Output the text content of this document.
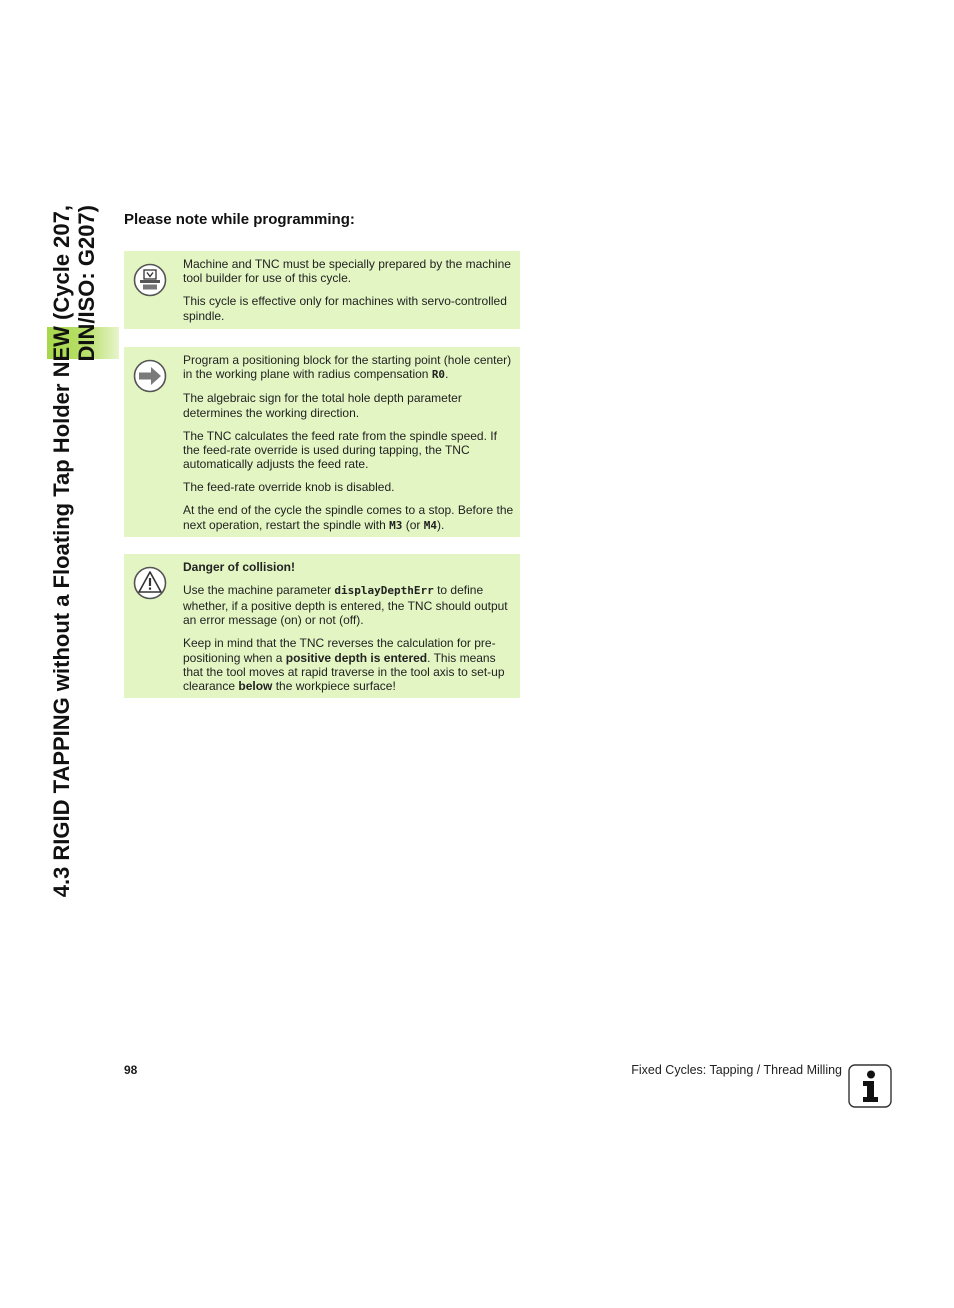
4.3 RIGID TAPPING without a Floating Tap Holder NEW (Cycle 207, DIN/ISO: G207) Please note while programming:

Machine and TNC must be specially prepared by the machine tool builder for use of this cycle.

This cycle is effective only for machines with servo-controlled spindle.

Program a positioning block for the starting point (hole center) in the working plane with radius compensation R0.

The algebraic sign for the total hole depth parameter determines the working direction.

The TNC calculates the feed rate from the spindle speed. If the feed-rate override is used during tapping, the TNC automatically adjusts the feed rate.

The feed-rate override knob is disabled.

At the end of the cycle the spindle comes to a stop. Before the next operation, restart the spindle with M3 (or M4).

Danger of collision!

Use the machine parameter displayDepthErr to define whether, if a positive depth is entered, the TNC should output an error message (on) or not (off).

Keep in mind that the TNC reverses the calculation for pre-positioning when a positive depth is entered. This means that the tool moves at rapid traverse in the tool axis to set-up clearance below the workpiece surface!

98	Fixed Cycles: Tapping / Thread Milling
